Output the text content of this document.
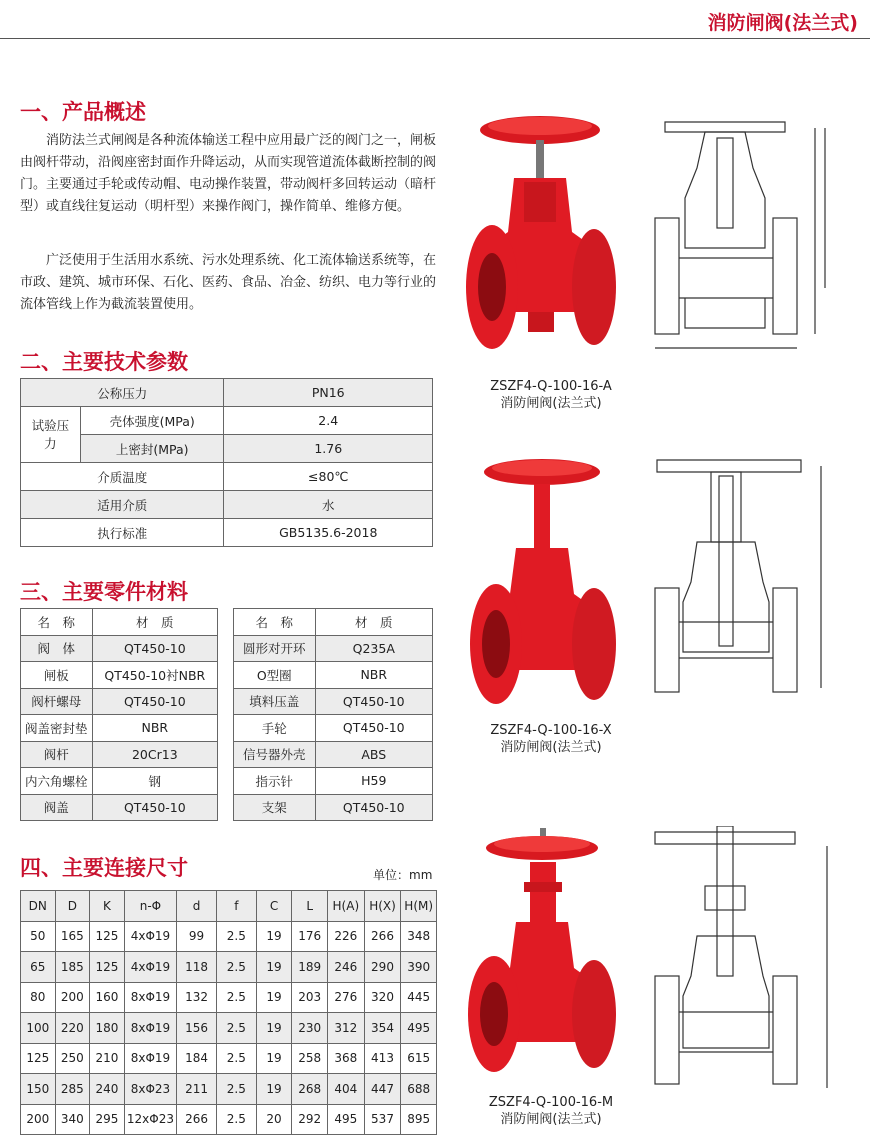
消防闸阀(法兰式)
一、产品概述
消防法兰式闸阀是各种流体输送工程中应用最广泛的阀门之一，闸板由阀杆带动，沿阀座密封面作升降运动，从而实现管道流体截断控制的阀门。主要通过手轮或传动帽、电动操作装置，带动阀杆多回转运动（暗杆型）或直线往复运动（明杆型）来操作阀门，操作简单、维修方便。
广泛使用于生活用水系统、污水处理系统、化工流体输送系统等，在市政、建筑、城市环保、石化、医药、食品、冶金、纺织、电力等行业的流体管线上作为截流装置使用。
二、主要技术参数
公称压力		PN16
试验压力	壳体强度(MPa)	2.4
	上密封(MPa)	1.76
介质温度		≤80℃
适用介质		水
执行标准		GB5135.6-2018
三、主要零件材料
名　称	材　质
阀　体	QT450-10
闸板	QT450-10衬NBR
阀杆螺母	QT450-10
阀盖密封垫	NBR
阀杆	20Cr13
内六角螺栓	钢
阀盖	QT450-10
名　称	材　质
圆形对开环	Q235A
O型圈	NBR
填料压盖	QT450-10
手轮	QT450-10
信号器外壳	ABS
指示针	H59
支架	QT450-10
四、主要连接尺寸	单位：mm
DN	D	K	n-Φ	d	f	C	L	H(A)	H(X)	H(M)
50	165	125	4xΦ19	99	2.5	19	176	226	266	348
65	185	125	4xΦ19	118	2.5	19	189	246	290	390
80	200	160	8xΦ19	132	2.5	19	203	276	320	445
100	220	180	8xΦ19	156	2.5	19	230	312	354	495
125	250	210	8xΦ19	184	2.5	19	258	368	413	615
150	285	240	8xΦ23	211	2.5	19	268	404	447	688
200	340	295	12xΦ23	266	2.5	20	292	495	537	895
ZSZF4-Q-100-16-A
消防闸阀(法兰式)
ZSZF4-Q-100-16-X
消防闸阀(法兰式)
ZSZF4-Q-100-16-M
消防闸阀(法兰式)
